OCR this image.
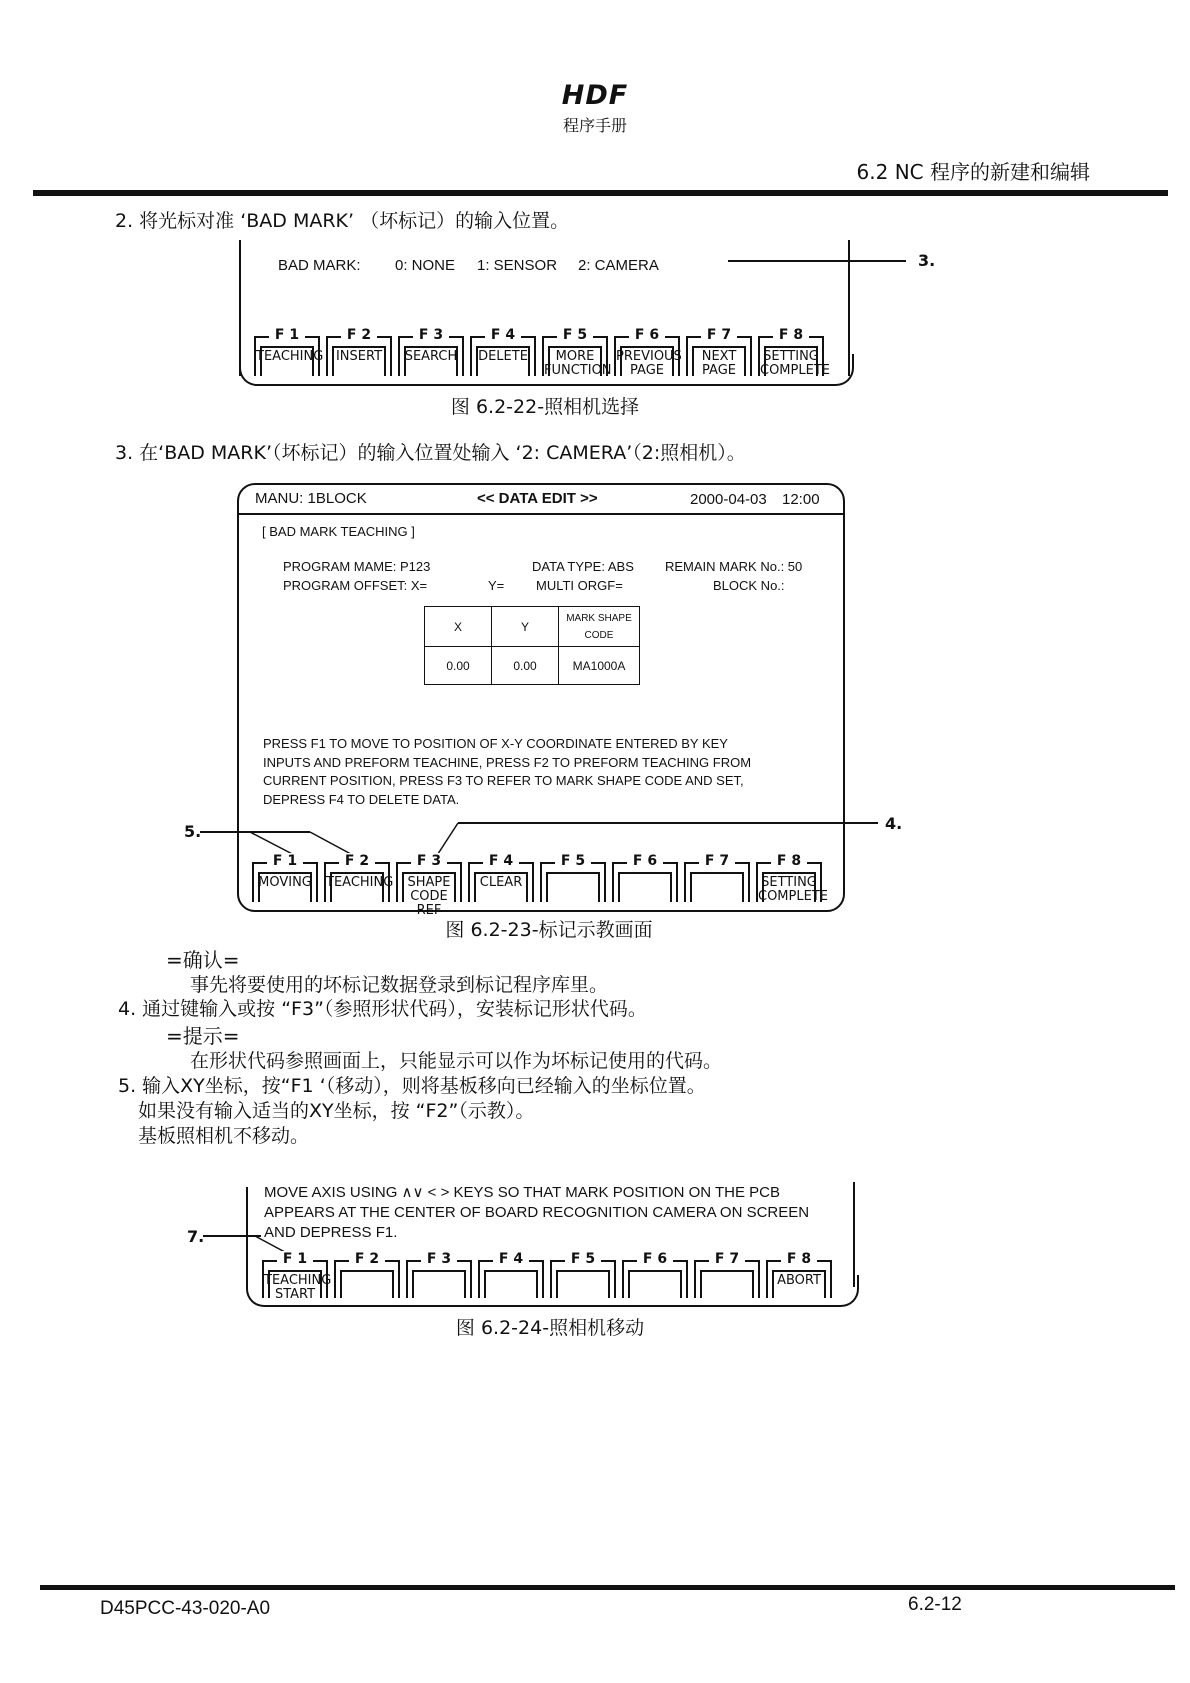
HDF
程序手册
6.2 NC 程序的新建和编辑
2. 将光标对准 ‘BAD MARK’ （坏标记）的输入位置。
BAD MARK: 0: NONE 1: SENSOR 2: CAMERA	3.
F 1
TEACHING
F 2
INSERT
F 3
SEARCH
F 4
DELETE
F 5
MORE
FUNCTION
F 6
PREVIOUS
PAGE
F 7
NEXT
PAGE
F 8
SETTING
COMPLETE
图 6.2-22-照相机选择
3. 在‘BAD MARK’（坏标记）的输入位置处输入 ‘2: CAMERA’（2:照相机）。
MANU: 1BLOCK	<< DATA EDIT >>	2000-04-03 12:00
[ BAD MARK TEACHING ]
PROGRAM MAME: P123	DATA TYPE: ABS REMAIN MARK No.: 50
PROGRAM OFFSET: X=	Y= MULTI ORGF=	BLOCK No.:
X	Y	MARK SHAPE
CODE
0.00	0.00	MA1000A
PRESS F1 TO MOVE TO POSITION OF X-Y COORDINATE ENTERED BY KEY
INPUTS AND PREFORM TEACHINE, PRESS F2 TO PREFORM TEACHING FROM
CURRENT POSITION, PRESS F3 TO REFER TO MARK SHAPE CODE AND SET,
DEPRESS F4 TO DELETE DATA.
5.	4.
F 1
MOVING
F 2
TEACHING
F 3
SHAPE
CODE REF
F 4
CLEAR
F 5	F 6	F 7	F 8
SETTING
COMPLETE
图 6.2-23-标记示教画面
=确认=
事先将要使用的坏标记数据登录到标记程序库里。
4. 通过键输入或按 “F3”（参照形状代码），安装标记形状代码。
=提示=
在形状代码参照画面上，只能显示可以作为坏标记使用的代码。
5. 输入XY坐标，按“F1 ‘（移动），则将基板移向已经输入的坐标位置。
如果没有输入适当的XY坐标，按 “F2”（示教）。
基板照相机不移动。
MOVE AXIS USING ∧∨ < > KEYS SO THAT MARK POSITION ON THE PCB
APPEARS AT THE CENTER OF BOARD RECOGNITION CAMERA ON SCREEN
AND DEPRESS F1.
7.
F 1
TEACHING
START
F 2	F 3	F 4	F 5	F 6	F 7	F 8
ABORT
图 6.2-24-照相机移动
D45PCC-43-020-A0	6.2-12
